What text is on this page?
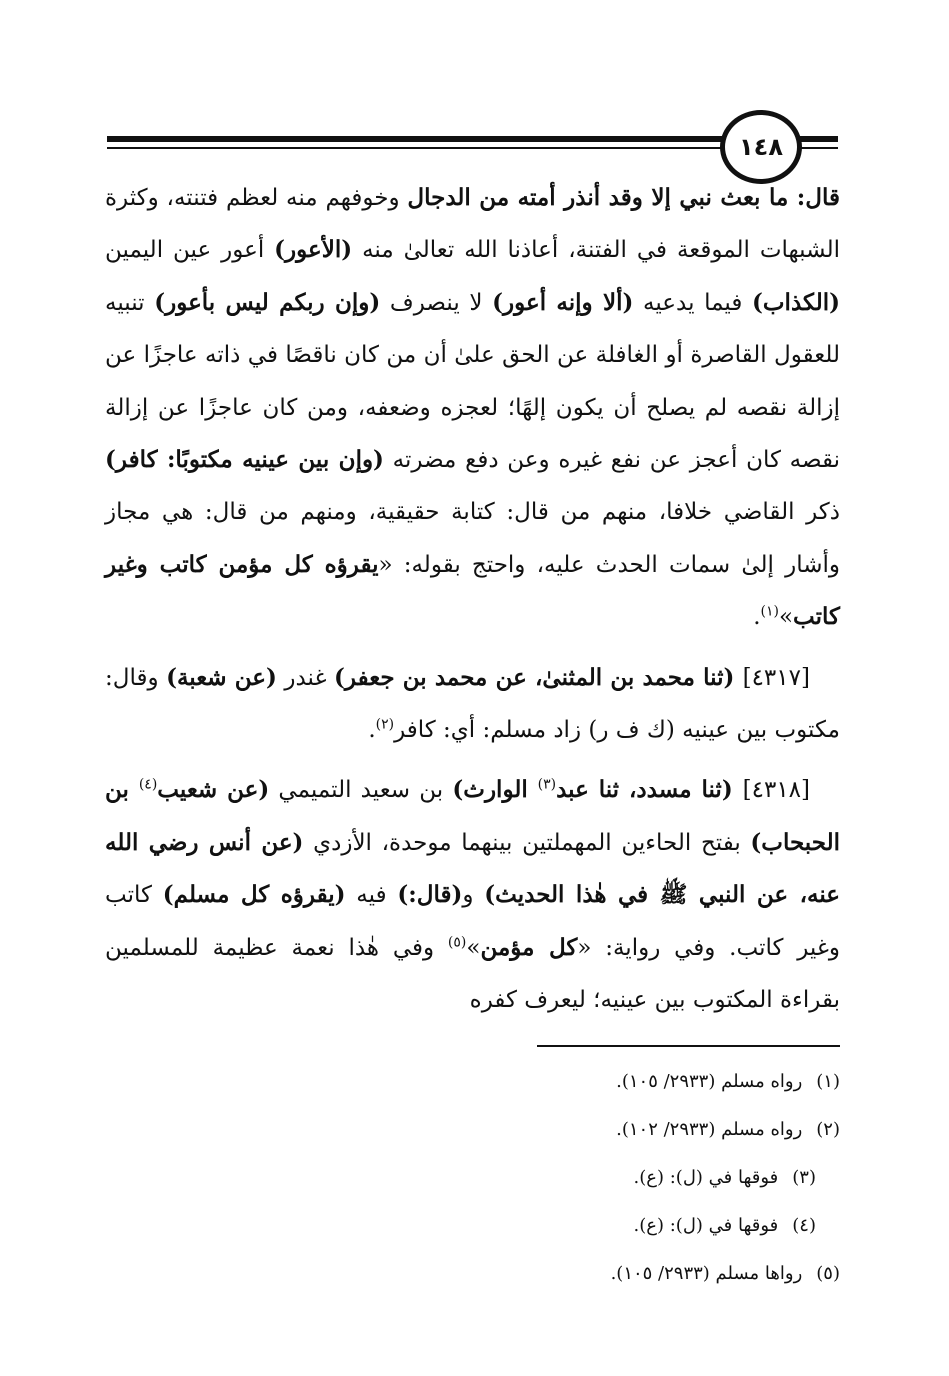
١٤٨

قال: ما بعث نبي إلا وقد أنذر أمته من الدجال وخوفهم منه لعظم فتنته، وكثرة الشبهات الموقعة في الفتنة، أعاذنا الله تعالىٰ منه (الأعور) أعور عين اليمين (الكذاب) فيما يدعيه (ألا وإنه أعور) لا ينصرف (وإن ربكم ليس بأعور) تنبيه للعقول القاصرة أو الغافلة عن الحق علىٰ أن من كان ناقصًا في ذاته عاجزًا عن إزالة نقصه لم يصلح أن يكون إلهًا؛ لعجزه وضعفه، ومن كان عاجزًا عن إزالة نقصه كان أعجز عن نفع غيره وعن دفع مضرته (وإن بين عينيه مكتوبًا: كافر) ذكر القاضي خلافا، منهم من قال: كتابة حقيقية، ومنهم من قال: هي مجاز وأشار إلىٰ سمات الحدث عليه، واحتج بقوله: «يقرؤه كل مؤمن كاتب وغير كاتب»$^{(١)}$.

[٤٣١٧] (ثنا محمد بن المثنىٰ، عن محمد بن جعفر) غندر (عن شعبة) وقال: مكتوب بين عينيه (ك ف ر) زاد مسلم: أي: كافر$^{(٢)}$.

[٤٣١٨] (ثنا مسدد، ثنا عبد$^{(٣)}$ الوارث) بن سعيد التميمي (عن شعيب$^{(٤)}$ بن الحبحاب) بفتح الحاءين المهملتين بينهما موحدة، الأزدي (عن أنس رضي الله عنه، عن النبي ﷺ في هٰذا الحديث) و(قال:) فيه (يقرؤه كل مسلم) كاتب وغير كاتب. وفي رواية: «كل مؤمن»$^{(٥)}$ وفي هٰذا نعمة عظيمة للمسلمين بقراءة المكتوب بين عينيه؛ ليعرف كفره

(١)رواه مسلم (٢٩٣٣/ ١٠٥).
(٢)رواه مسلم (٢٩٣٣/ ١٠٢).
(٣)فوقها في (ل): (ع).
(٤)فوقها في (ل): (ع).
(٥)رواها مسلم (٢٩٣٣/ ١٠٥).
